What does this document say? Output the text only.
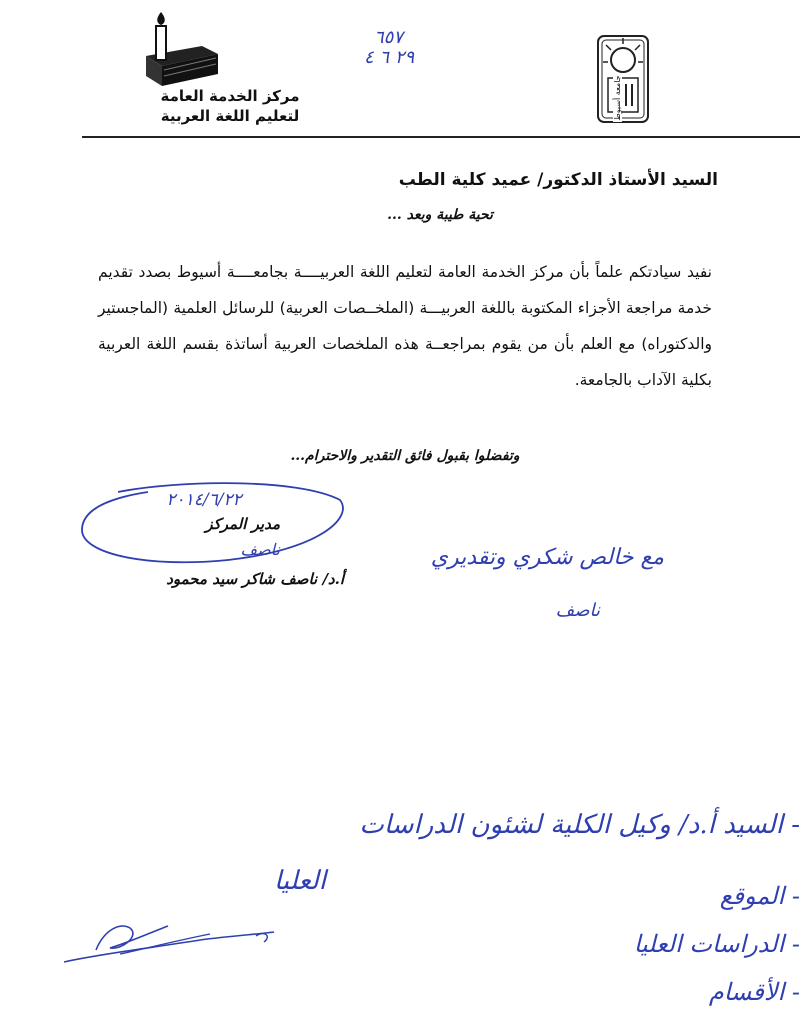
مركز الخدمة العامة
لتعليم اللغة العربية
٦٥٧
٢٩ ٦ ٤
جامعة أسيوط
السيد الأستاذ الدكتور/ عميد كلية الطب
تحية طيبة وبعد ...
نفيد سيادتكم علماً بأن مركز الخدمة العامة لتعليم اللغة العربيــــة بجامعــــة أسيوط بصدد تقديم خدمة مراجعة الأجزاء المكتوبة باللغة العربيـــة (الملخــصات العربية) للرسائل العلمية (الماجستير والدكتوراه) مع العلم بأن من يقوم بمراجعــة هذه الملخصات العربية أساتذة بقسم اللغة العربية بكلية الآداب بالجامعة.
وتفضلوا بقبول فائق التقدير والاحترام...
٢٠١٤/٦/٢٢
مدير المركز
ناصف
أ.د/ ناصف شاكر سيد محمود
مع خالص شكري وتقديري
ناصف
- السيد أ.د/ وكيل الكلية لشئون الدراسات
العليا	- الموقع
- الدراسات العليا
- الأقسام
